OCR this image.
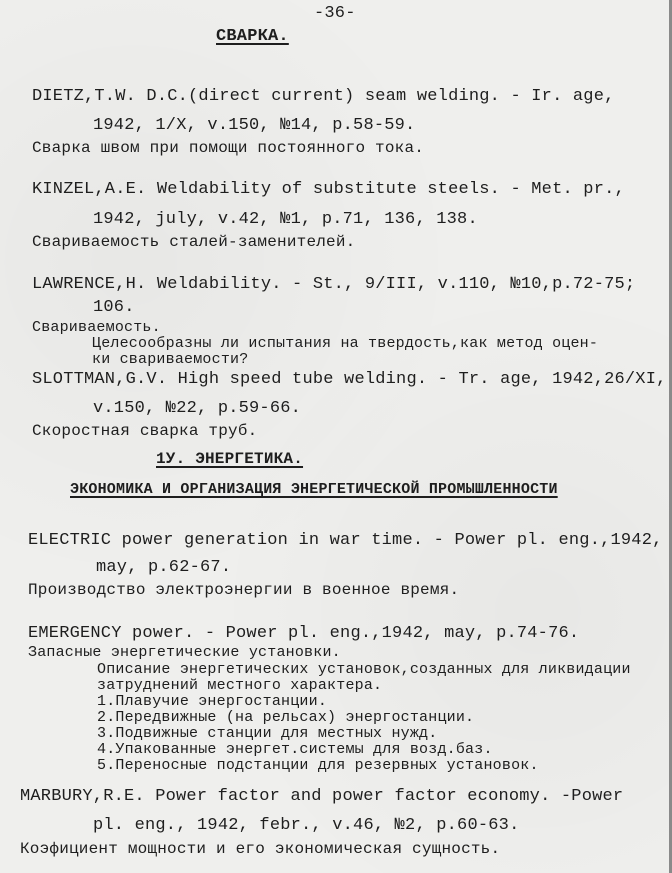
-36-
СВАРКА.
DIETZ,T.W. D.C.(direct current) seam welding. - Ir. age,
1942, 1/X, v.150, №14, p.58-59.
Сварка швом при помощи постоянного тока.
KINZEL,A.E. Weldability of substitute steels. - Met. pr.,
1942, july, v.42, №1, p.71, 136, 138.
Свариваемость сталей-заменителей.
LAWRENCE,H. Weldability. - St., 9/III, v.110, №10,p.72-75;
106.
Свариваемость.
Целесообразны ли испытания на твердость,как метод оцен-
ки свариваемости?
SLOTTMAN,G.V. High speed tube welding. - Tr. age, 1942,26/XI,
v.150, №22, p.59-66.
Скоростная сварка труб.
1У. ЭНЕРГЕТИКА.
ЭКОНОМИКА И ОРГАНИЗАЦИЯ ЭНЕРГЕТИЧЕСКОЙ ПРОМЫШЛЕННОСТИ
ELECTRIC power generation in war time. - Power pl. eng.,1942,
may, p.62-67.
Производство электроэнергии в военное время.
EMERGENCY power. - Power pl. eng.,1942, may, p.74-76.
Запасные энергетические установки.
Описание энергетических установок,созданных для ликвидации
затруднений местного характера.
1.Плавучие энергостанции.
2.Передвижные (на рельсах) энергостанции.
3.Подвижные станции для местных нужд.
4.Упакованные энергет.системы для возд.баз.
5.Переносные подстанции для резервных установок.
MARBURY,R.E. Power factor and power factor economy. -Power
pl. eng., 1942, febr., v.46, №2, p.60-63.
Коэфициент мощности и его экономическая сущность.
